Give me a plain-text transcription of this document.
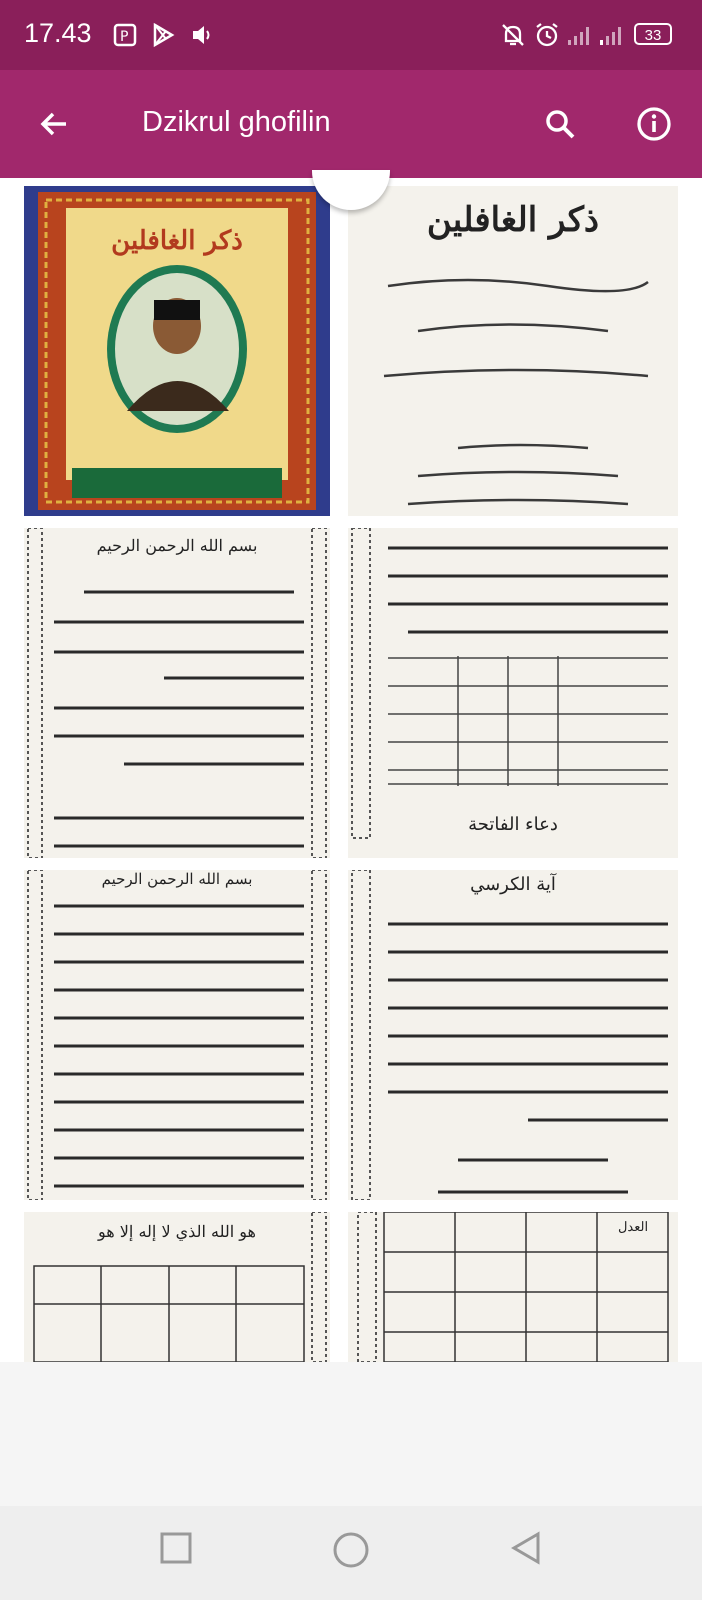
17.43 P	33
Dzikrul ghofilin
ذكر الغافلين
ذكر الغافلين
بسم الله الرحمن الرحيم
دعاء الفاتحة
بسم الله الرحمن الرحيم	آية الكرسي
هو الله الذي لا إله إلا هو	العدل
